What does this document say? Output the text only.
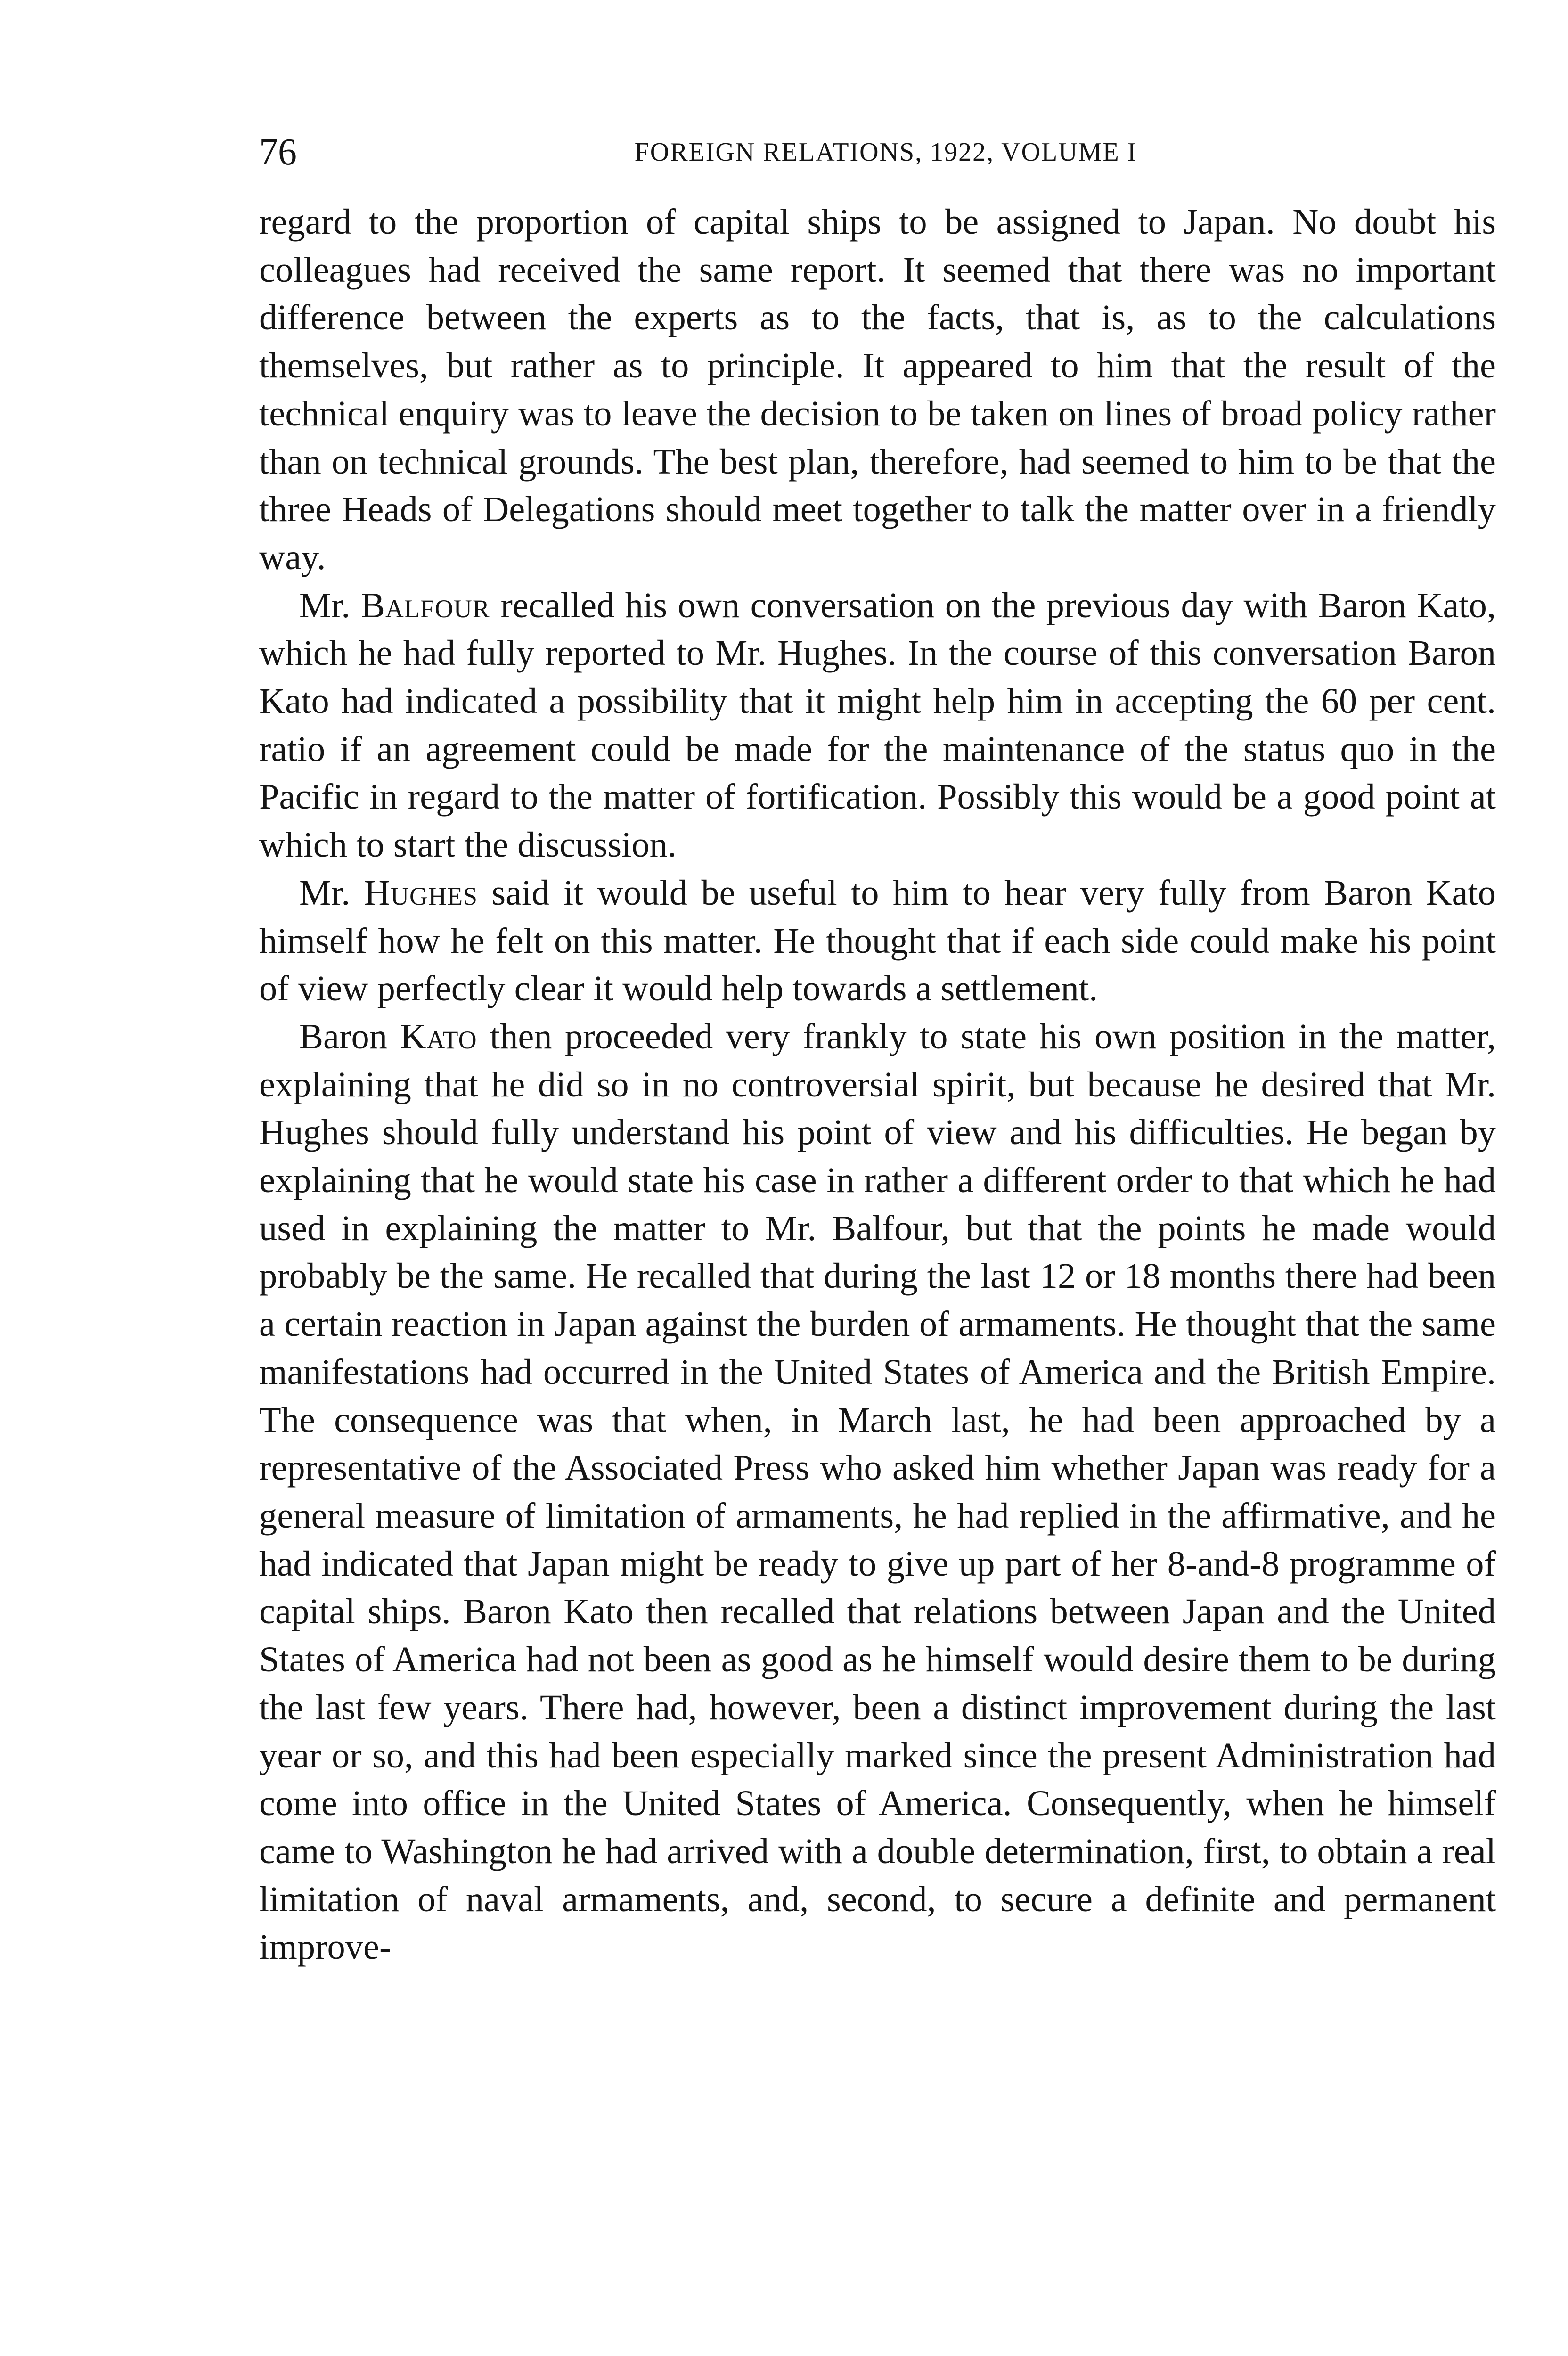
76	FOREIGN RELATIONS, 1922, VOLUME I

regard to the proportion of capital ships to be assigned to Japan. No doubt his colleagues had received the same report. It seemed that there was no important difference between the experts as to the facts, that is, as to the calculations themselves, but rather as to principle. It appeared to him that the result of the technical enquiry was to leave the decision to be taken on lines of broad policy rather than on technical grounds. The best plan, therefore, had seemed to him to be that the three Heads of Delegations should meet together to talk the matter over in a friendly way.

Mr. Balfour recalled his own conversation on the previous day with Baron Kato, which he had fully reported to Mr. Hughes. In the course of this conversation Baron Kato had indicated a possibility that it might help him in accepting the 60 per cent. ratio if an agreement could be made for the maintenance of the status quo in the Pacific in regard to the matter of fortification. Possibly this would be a good point at which to start the discussion.

Mr. Hughes said it would be useful to him to hear very fully from Baron Kato himself how he felt on this matter. He thought that if each side could make his point of view perfectly clear it would help towards a settlement.

Baron Kato then proceeded very frankly to state his own position in the matter, explaining that he did so in no controversial spirit, but because he desired that Mr. Hughes should fully understand his point of view and his difficulties. He began by explaining that he would state his case in rather a different order to that which he had used in explaining the matter to Mr. Balfour, but that the points he made would probably be the same. He recalled that during the last 12 or 18 months there had been a certain reaction in Japan against the burden of armaments. He thought that the same manifestations had occurred in the United States of America and the British Empire. The consequence was that when, in March last, he had been approached by a representative of the Associated Press who asked him whether Japan was ready for a general measure of limitation of armaments, he had replied in the affirmative, and he had indicated that Japan might be ready to give up part of her 8-and-8 programme of capital ships. Baron Kato then recalled that relations between Japan and the United States of America had not been as good as he himself would desire them to be during the last few years. There had, however, been a distinct improvement during the last year or so, and this had been especially marked since the present Administration had come into office in the United States of America. Consequently, when he himself came to Washington he had arrived with a double determination, first, to obtain a real limitation of naval armaments, and, second, to secure a definite and permanent improve-
